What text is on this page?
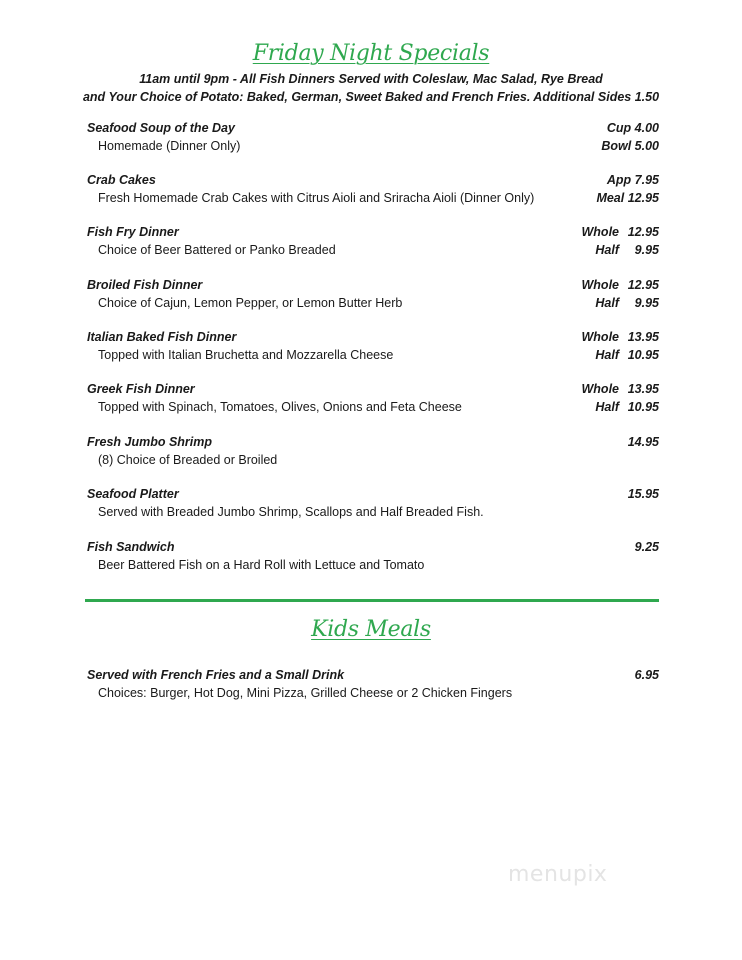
Friday Night Specials
11am until 9pm - All Fish Dinners Served with Coleslaw, Mac Salad, Rye Bread
and Your Choice of Potato: Baked, German, Sweet Baked and French Fries. Additional Sides 1.50
Seafood Soup of the Day	Cup 4.00
Homemade (Dinner Only)	Bowl 5.00
Crab Cakes	App 7.95
Fresh Homemade Crab Cakes with Citrus Aioli and Sriracha Aioli (Dinner Only)	Meal 12.95
Fish Fry Dinner	Whole 12.95
Choice of Beer Battered or Panko Breaded	Half 9.95
Broiled Fish Dinner	Whole 12.95
Choice of Cajun, Lemon Pepper, or Lemon Butter Herb	Half 9.95
Italian Baked Fish Dinner	Whole 13.95
Topped with Italian Bruchetta and Mozzarella Cheese	Half 10.95
Greek Fish Dinner	Whole 13.95
Topped with Spinach, Tomatoes, Olives, Onions and Feta Cheese	Half 10.95
Fresh Jumbo Shrimp	14.95
(8) Choice of Breaded or Broiled
Seafood Platter	15.95
Served with Breaded Jumbo Shrimp, Scallops and Half Breaded Fish.
Fish Sandwich	9.25
Beer Battered Fish on a Hard Roll with Lettuce and Tomato
Kids Meals
Served with French Fries and a Small Drink	6.95
Choices: Burger, Hot Dog, Mini Pizza, Grilled Cheese or 2 Chicken Fingers
menupix
